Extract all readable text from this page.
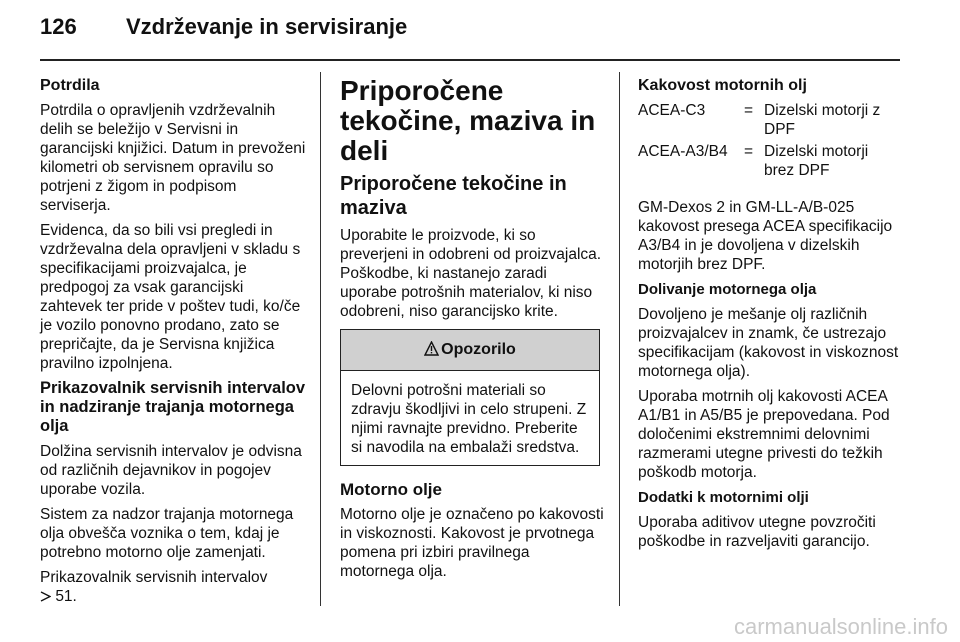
126 Vzdrževanje in servisiranje

Potrdila

Potrdila o opravljenih vzdrževalnih delih se beležijo v Servisni in garancijski knjižici. Datum in prevoženi kilometri ob servisnem opravilu so potrjeni z žigom in podpisom serviserja.

Evidenca, da so bili vsi pregledi in vzdrževalna dela opravljeni v skladu s specifikacijami proizvajalca, je predpogoj za vsak garancijski zahtevek ter pride v poštev tudi, ko/če je vozilo ponovno prodano, zato se prepričajte, da je Servisna knjižica pravilno izpolnjena.

Prikazovalnik servisnih intervalov in nadziranje trajanja motornega olja

Dolžina servisnih intervalov je odvisna od različnih dejavnikov in pogojev uporabe vozila.

Sistem za nadzor trajanja motornega olja obvešča voznika o tem, kdaj je potrebno motorno olje zamenjati.

Prikazovalnik servisnih intervalov
51.

Priporočene tekočine, maziva in deli

Priporočene tekočine in maziva

Uporabite le proizvode, ki so preverjeni in odobreni od proizvajalca. Poškodbe, ki nastanejo zaradi uporabe potrošnih materialov, ki niso odobreni, niso garancijsko krite.

Opozorilo
Delovni potrošni materiali so zdravju škodljivi in celo strupeni. Z njimi ravnajte previdno. Preberite si navodila na embalaži sredstva.

Motorno olje

Motorno olje je označeno po kakovosti in viskoznosti. Kakovost je prvotnega pomena pri izbiri pravilnega motornega olja.

Kakovost motornih olj

ACEA-C3	= Dizelski motorji z DPF
ACEA-A3/B4	= Dizelski motorji brez DPF

GM-Dexos 2 in GM-LL-A/B-025 kakovost presega ACEA specifikacijo A3/B4 in je dovoljena v dizelskih motorjih brez DPF.

Dolivanje motornega olja

Dovoljeno je mešanje olj različnih proizvajalcev in znamk, če ustrezajo specifikacijam (kakovost in viskoznost motornega olja).

Uporaba motrnih olj kakovosti ACEA A1/B1 in A5/B5 je prepovedana. Pod določenimi ekstremnimi delovnimi razmerami utegne privesti do težkih poškodb motorja.

Dodatki k motornimi olji

Uporaba aditivov utegne povzročiti poškodbe in razveljaviti garancijo.

carmanualsonline.info
